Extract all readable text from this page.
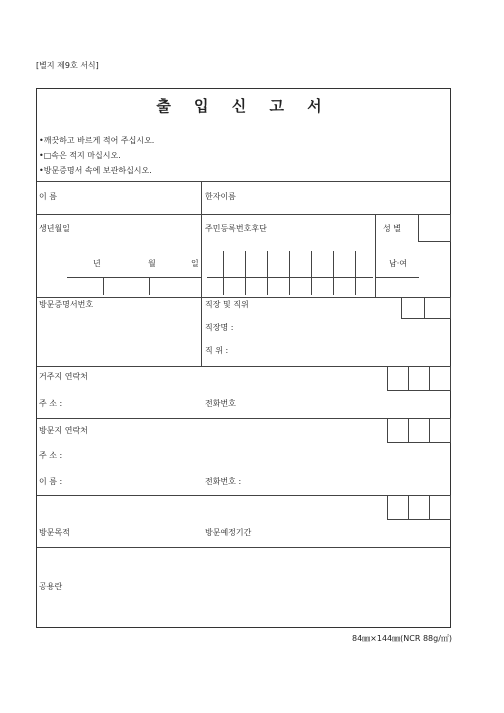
[별지 제9호 서식]
출 입 신 고 서
•깨끗하고 바르게 적어 주십시오.
•□속은 적지 마십시오.
•방문증명서 속에 보관하십시오.
이 름	한자이름
생년월일
년	월	일
주민등록번호후단	성 별
남·여
방문증명서번호	직장 및 직위
직장명 :
직 위 :
거주지 연락처
주 소 :	전화번호
방문지 연락처
주 소 :
이 름 :	전화번호 :
방문목적	방문예정기간
공용란
84㎜×144㎜(NCR 88g/㎡)
